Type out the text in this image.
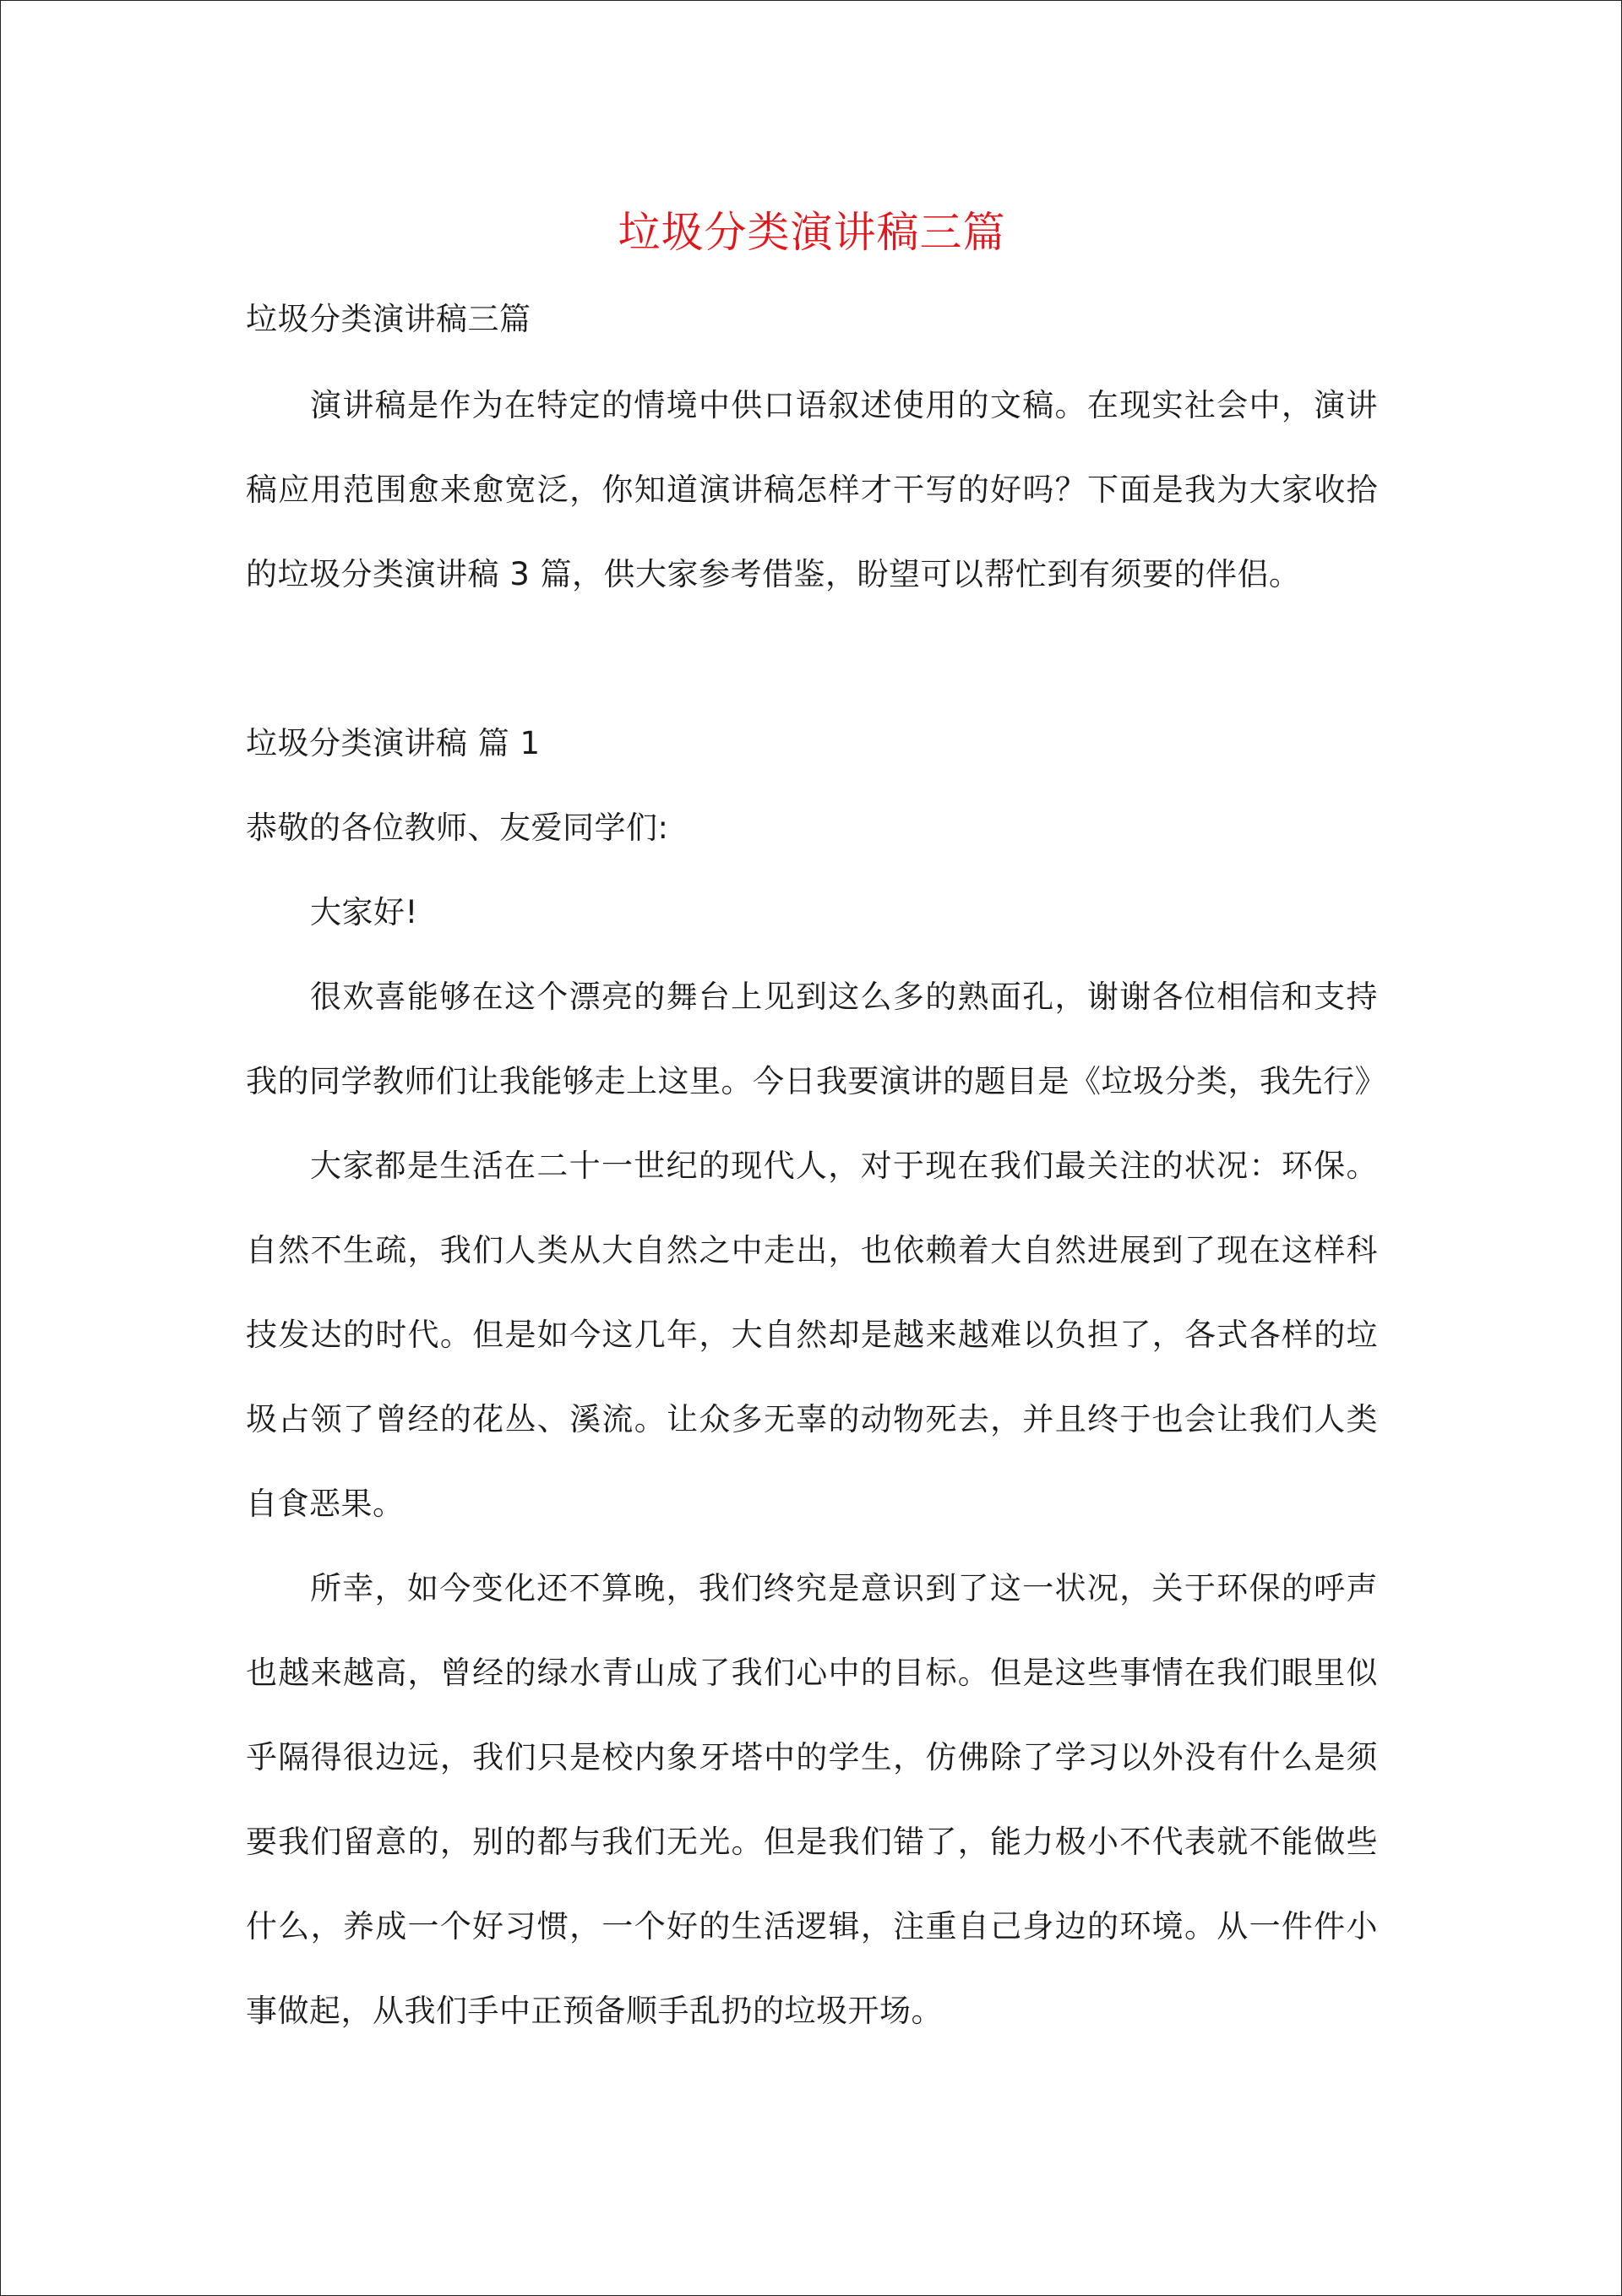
垃圾分类演讲稿三篇

垃圾分类演讲稿三篇

演讲稿是作为在特定的情境中供口语叙述使用的文稿。在现实社会中，演讲稿应用范围愈来愈宽泛，你知道演讲稿怎样才干写的好吗？下面是我为大家收拾的垃圾分类演讲稿 3 篇，供大家参考借鉴，盼望可以帮忙到有须要的伴侣。

垃圾分类演讲稿 篇 1

恭敬的各位教师、友爱同学们:

大家好!

很欢喜能够在这个漂亮的舞台上见到这么多的熟面孔，谢谢各位相信和支持我的同学教师们让我能够走上这里。今日我要演讲的题目是《垃圾分类，我先行》

大家都是生活在二十一世纪的现代人，对于现在我们最关注的状况：环保。自然不生疏，我们人类从大自然之中走出，也依赖着大自然进展到了现在这样科技发达的时代。但是如今这几年，大自然却是越来越难以负担了，各式各样的垃圾占领了曾经的花丛、溪流。让众多无辜的动物死去，并且终于也会让我们人类自食恶果。

所幸，如今变化还不算晚，我们终究是意识到了这一状况，关于环保的呼声也越来越高，曾经的绿水青山成了我们心中的目标。但是这些事情在我们眼里似乎隔得很边远，我们只是校内象牙塔中的学生，仿佛除了学习以外没有什么是须要我们留意的，别的都与我们无光。但是我们错了，能力极小不代表就不能做些什么，养成一个好习惯，一个好的生活逻辑，注重自己身边的环境。从一件件小事做起，从我们手中正预备顺手乱扔的垃圾开场。
